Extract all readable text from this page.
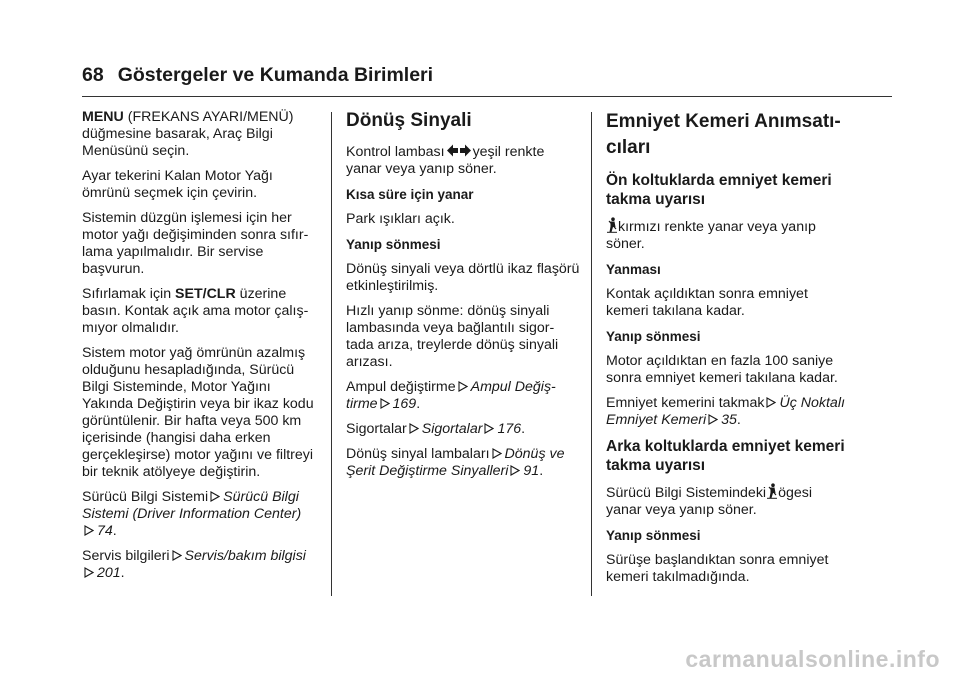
68 Göstergeler ve Kumanda Birimleri

MENU (FREKANS AYARI/MENÜ) düğmesine basarak, Araç Bilgi Menüsünü seçin.

Ayar tekerini Kalan Motor Yağı ömrünü seçmek için çevirin.

Sistemin düzgün işlemesi için her motor yağı değişiminden sonra sıfır-lama yapılmalıdır. Bir servise başvurun.

Sıfırlamak için SET/CLR üzerine basın. Kontak açık ama motor çalış-mıyor olmalıdır.

Sistem motor yağ ömrünün azalmış olduğunu hesapladığında, Sürücü Bilgi Sisteminde, Motor Yağını Yakında Değiştirin veya bir ikaz kodu görüntülenir. Bir hafta veya 500 km içerisinde (hangisi daha erken gerçekleşirse) motor yağını ve filtreyi bir teknik atölyeye değiştirin.

Sürücü Bilgi Sistemi Sürücü Bilgi Sistemi (Driver Information Center)
74.

Servis bilgileri Servis/bakım bilgisi201.

Dönüş Sinyali

Kontrol lambası yeşil renkte yanar veya yanıp söner.

Kısa süre için yanar

Park ışıkları açık.

Yanıp sönmesi

Dönüş sinyali veya dörtlü ikaz flaşörü etkinleştirilmiş.

Hızlı yanıp sönme: dönüş sinyali lambasında veya bağlantılı sigor-tada arıza, treylerde dönüş sinyali arızası.

Ampul değiştirme Ampul Değiş-tirme 169.

Sigortalar Sigortalar 176.

Dönüş sinyal lambaları Dönüş ve Şerit Değiştirme Sinyalleri 91.

Emniyet Kemeri Anımsatı-cıları
Ön koltuklarda emniyet kemeri takma uyarısı

kırmızı renkte yanar veya yanıp söner.

Yanması

Kontak açıldıktan sonra emniyet kemeri takılana kadar.

Yanıp sönmesi

Motor açıldıktan en fazla 100 saniye sonra emniyet kemeri takılana kadar.

Emniyet kemerini takmak Üç Noktalı Emniyet Kemeri 35.

Arka koltuklarda emniyet kemeri takma uyarısı

Sürücü Bilgi Sistemindeki ögesi yanar veya yanıp söner.

Yanıp sönmesi

Sürüşe başlandıktan sonra emniyet kemeri takılmadığında.

carmanualsonline.info
